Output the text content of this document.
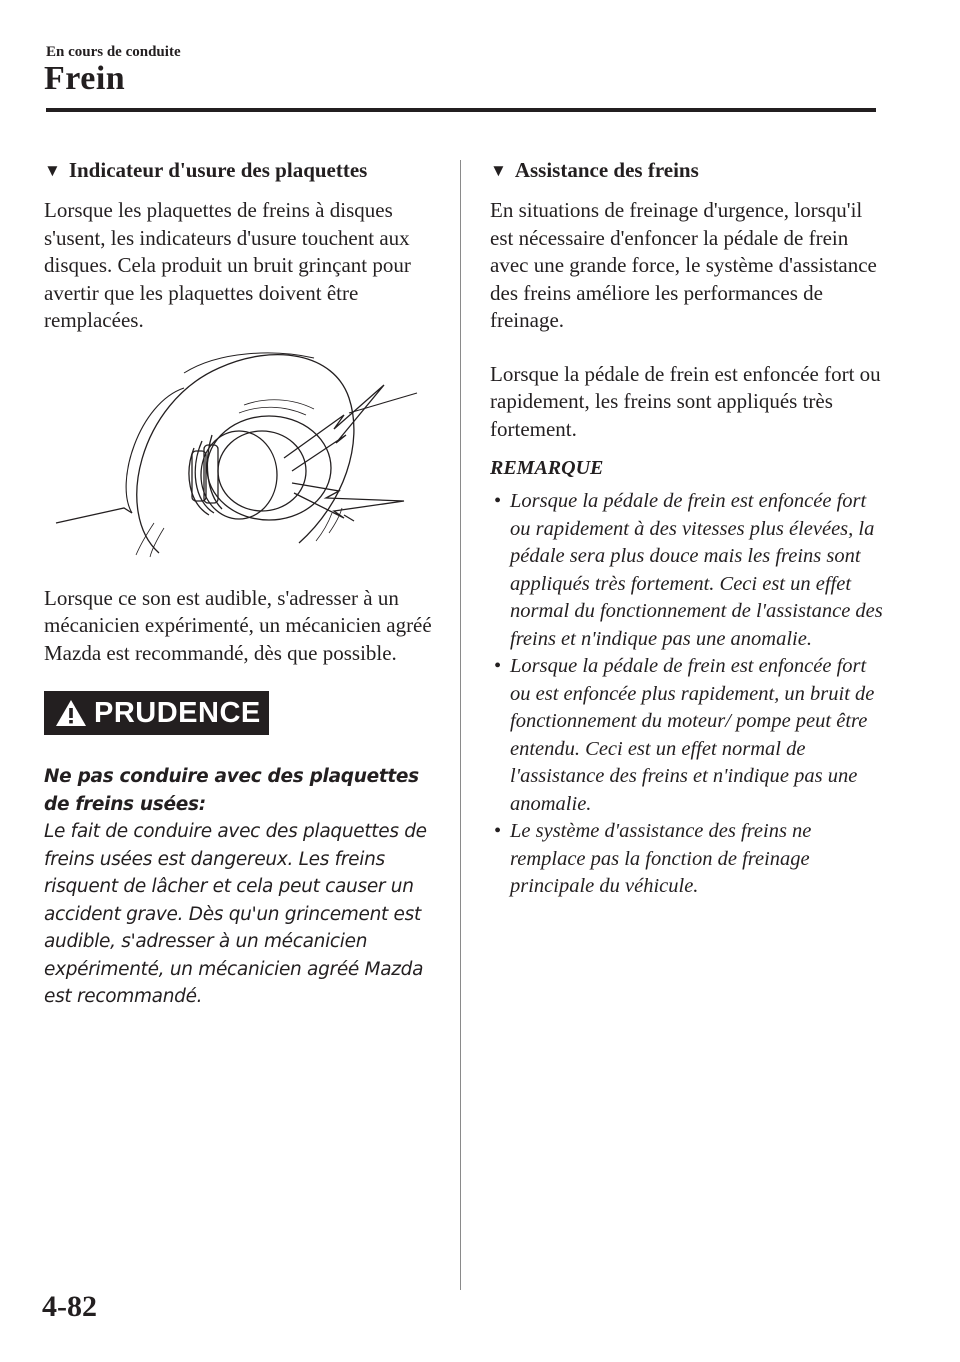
En cours de conduite
Frein
▼ Indicateur d'usure des plaquettes

Lorsque les plaquettes de freins à disques s'usent, les indicateurs d'usure touchent aux disques. Cela produit un bruit grinçant pour avertir que les plaquettes doivent être remplacées.

Lorsque ce son est audible, s'adresser à un mécanicien expérimenté, un mécanicien agréé Mazda est recommandé, dès que possible.

PRUDENCE

Ne pas conduire avec des plaquettes de freins usées:

Le fait de conduire avec des plaquettes de freins usées est dangereux. Les freins risquent de lâcher et cela peut causer un accident grave. Dès qu'un grincement est audible, s'adresser à un mécanicien expérimenté, un mécanicien agréé Mazda est recommandé.

▼ Assistance des freins

En situations de freinage d'urgence, lorsqu'il est nécessaire d'enfoncer la pédale de frein avec une grande force, le système d'assistance des freins améliore les performances de freinage.

Lorsque la pédale de frein est enfoncée fort ou rapidement, les freins sont appliqués très fortement.

REMARQUE
• Lorsque la pédale de frein est enfoncée fort ou rapidement à des vitesses plus élevées, la pédale sera plus douce mais les freins sont appliqués très fortement. Ceci est un effet normal du fonctionnement de l'assistance des freins et n'indique pas une anomalie.
• Lorsque la pédale de frein est enfoncée fort ou est enfoncée plus rapidement, un bruit de fonctionnement du moteur/ pompe peut être entendu. Ceci est un effet normal de l'assistance des freins et n'indique pas une anomalie.
• Le système d'assistance des freins ne remplace pas la fonction de freinage principale du véhicule.
4-82
